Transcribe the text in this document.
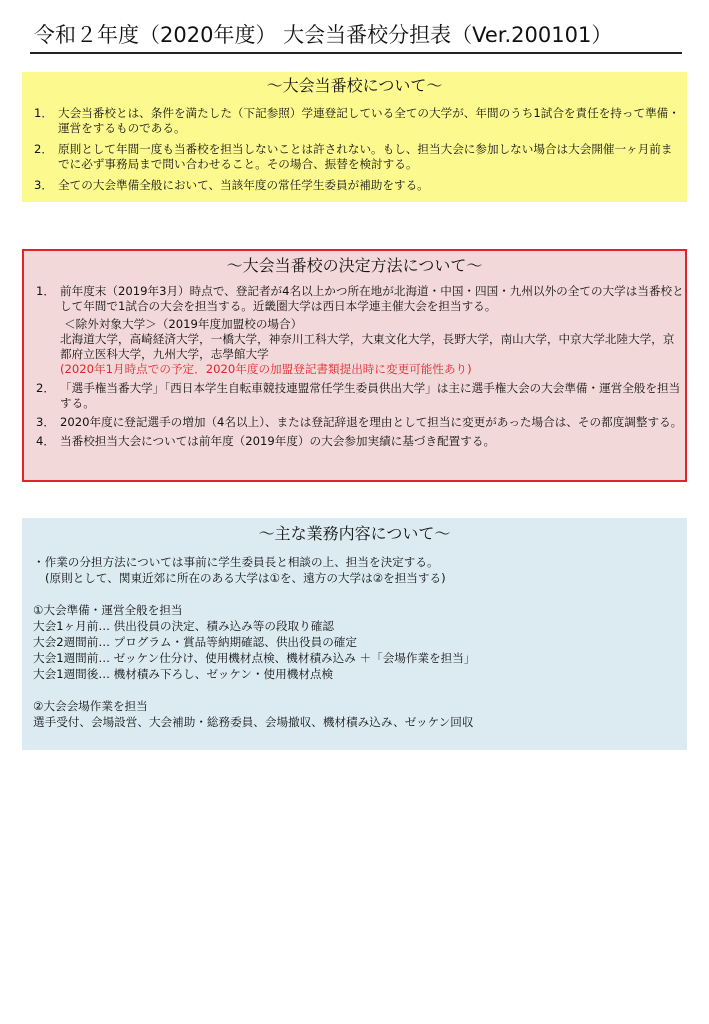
令和２年度（2020年度） 大会当番校分担表（Ver.200101）
～大会当番校について～
1． 大会当番校とは、条件を満たした（下記参照）学連登記している全ての大学が、年間のうち1試合を責任を持って準備・運営をするものである。
2． 原則として年間一度も当番校を担当しないことは許されない。もし、担当大会に参加しない場合は大会開催一ヶ月前までに必ず事務局まで問い合わせること。その場合、振替を検討する。
3． 全ての大会準備全般において、当該年度の常任学生委員が補助をする。
～大会当番校の決定方法について～
1． 前年度末（2019年3月）時点で、登記者が4名以上かつ所在地が北海道・中国・四国・九州以外の全ての大学は当番校として年間で1試合の大会を担当する。近畿圏大学は西日本学連主催大会を担当する。
＜除外対象大学＞（2019年度加盟校の場合）
北海道大学，高崎経済大学，一橋大学，神奈川工科大学，大東文化大学，長野大学，南山大学，中京大学北陸大学，京都府立医科大学，九州大学，志學館大学
(2020年1月時点での予定．2020年度の加盟登記書類提出時に変更可能性あり)
2． 「選手権当番大学」「西日本学生自転車競技連盟常任学生委員供出大学」は主に選手権大会の大会準備・運営全般を担当する。
3． 2020年度に登記選手の増加（4名以上）、または登記辞退を理由として担当に変更があった場合は、その都度調整する。
4． 当番校担当大会については前年度（2019年度）の大会参加実績に基づき配置する。
～主な業務内容について～
・作業の分担方法については事前に学生委員長と相談の上、担当を決定する。
(原則として、関東近郊に所在のある大学は①を、遠方の大学は②を担当する)
①大会準備・運営全般を担当
大会1ヶ月前… 供出役員の決定、積み込み等の段取り確認
大会2週間前… プログラム・賞品等納期確認、供出役員の確定
大会1週間前… ゼッケン仕分け、使用機材点検、機材積み込み ＋「会場作業を担当」
大会1週間後… 機材積み下ろし、ゼッケン・使用機材点検
②大会会場作業を担当
選手受付、会場設営、大会補助・総務委員、会場撤収、機材積み込み、ゼッケン回収
